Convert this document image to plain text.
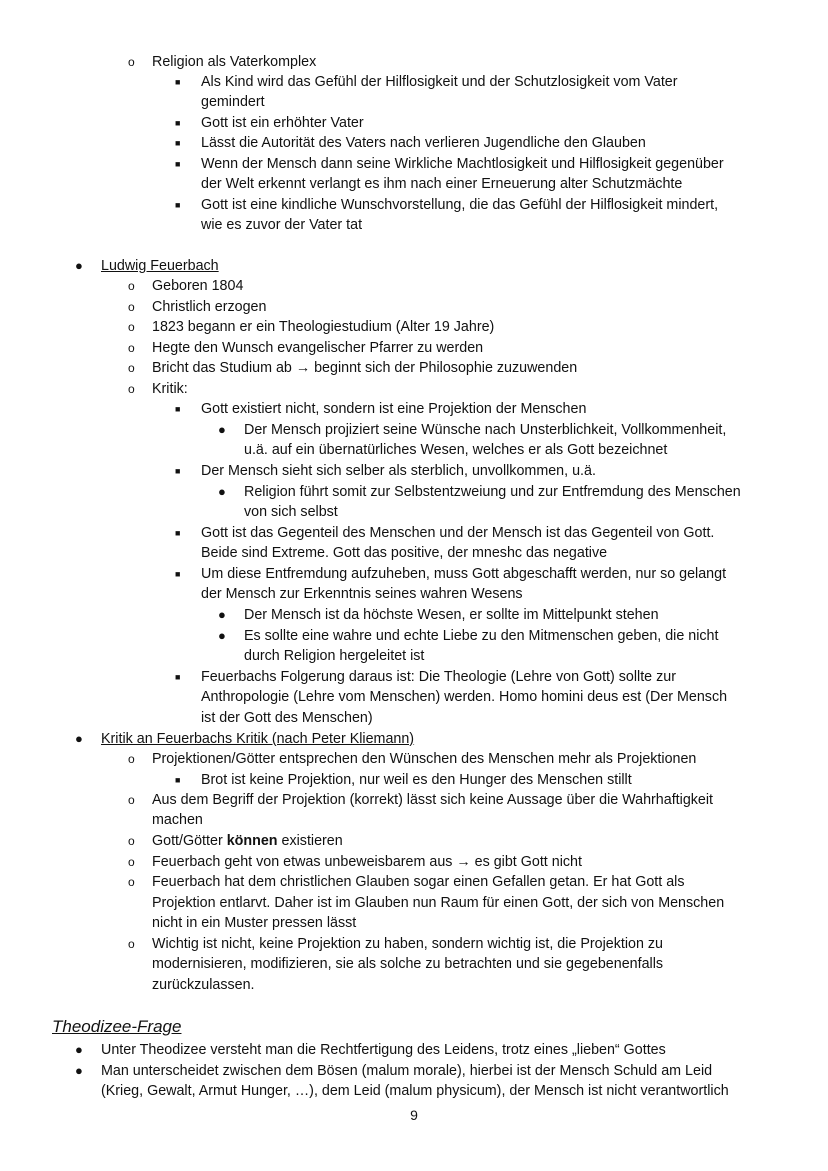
Theodizee-Frage
9
o Religion als Vaterkomplex
■ Als Kind wird das Gefühl der Hilflosigkeit und der Schutzlosigkeit vom Vater
gemindert
■ Gott ist ein erhöhter Vater
■ Lässt die Autorität des Vaters nach verlieren Jugendliche den Glauben
■ Wenn der Mensch dann seine Wirkliche Machtlosigkeit und Hilflosigkeit gegenüber
der Welt erkennt verlangt es ihm nach einer Erneuerung alter Schutzmächte
■ Gott ist eine kindliche Wunschvorstellung, die das Gefühl der Hilflosigkeit mindert,
wie es zuvor der Vater tat
● Ludwig Feuerbach
o Geboren 1804
o Christlich erzogen
o 1823 begann er ein Theologiestudium (Alter 19 Jahre)
o Hegte den Wunsch evangelischer Pfarrer zu werden
o Bricht das Studium ab → beginnt sich der Philosophie zuzuwenden
o Kritik:
■ Gott existiert nicht, sondern ist eine Projektion der Menschen
● Der Mensch projiziert seine Wünsche nach Unsterblichkeit, Vollkommenheit,
u.ä. auf ein übernatürliches Wesen, welches er als Gott bezeichnet
■ Der Mensch sieht sich selber als sterblich, unvollkommen, u.ä.
● Religion führt somit zur Selbstentzweiung und zur Entfremdung des Menschen
von sich selbst
■ Gott ist das Gegenteil des Menschen und der Mensch ist das Gegenteil von Gott.
Beide sind Extreme. Gott das positive, der mneshc das negative
■ Um diese Entfremdung aufzuheben, muss Gott abgeschafft werden, nur so gelangt
der Mensch zur Erkenntnis seines wahren Wesens
● Der Mensch ist da höchste Wesen, er sollte im Mittelpunkt stehen
● Es sollte eine wahre und echte Liebe zu den Mitmenschen geben, die nicht
durch Religion hergeleitet ist
■ Feuerbachs Folgerung daraus ist: Die Theologie (Lehre von Gott) sollte zur
Anthropologie (Lehre vom Menschen) werden. Homo homini deus est (Der Mensch
ist der Gott des Menschen)
● Kritik an Feuerbachs Kritik (nach Peter Kliemann)
o Projektionen/Götter entsprechen den Wünschen des Menschen mehr als Projektionen
■ Brot ist keine Projektion, nur weil es den Hunger des Menschen stillt
o Aus dem Begriff der Projektion (korrekt) lässt sich keine Aussage über die Wahrhaftigkeit
machen
o Gott/Götter können existieren
o Feuerbach geht von etwas unbeweisbarem aus → es gibt Gott nicht
o Feuerbach hat dem christlichen Glauben sogar einen Gefallen getan. Er hat Gott als
Projektion entlarvt. Daher ist im Glauben nun Raum für einen Gott, der sich von Menschen
nicht in ein Muster pressen lässt
o Wichtig ist nicht, keine Projektion zu haben, sondern wichtig ist, die Projektion zu
modernisieren, modifizieren, sie als solche zu betrachten und sie gegebenenfalls
zurückzulassen.
● Unter Theodizee versteht man die Rechtfertigung des Leidens, trotz eines „lieben“ Gottes
● Man unterscheidet zwischen dem Bösen (malum morale), hierbei ist der Mensch Schuld am Leid
(Krieg, Gewalt, Armut Hunger, …), dem Leid (malum physicum), der Mensch ist nicht verantwortlich
